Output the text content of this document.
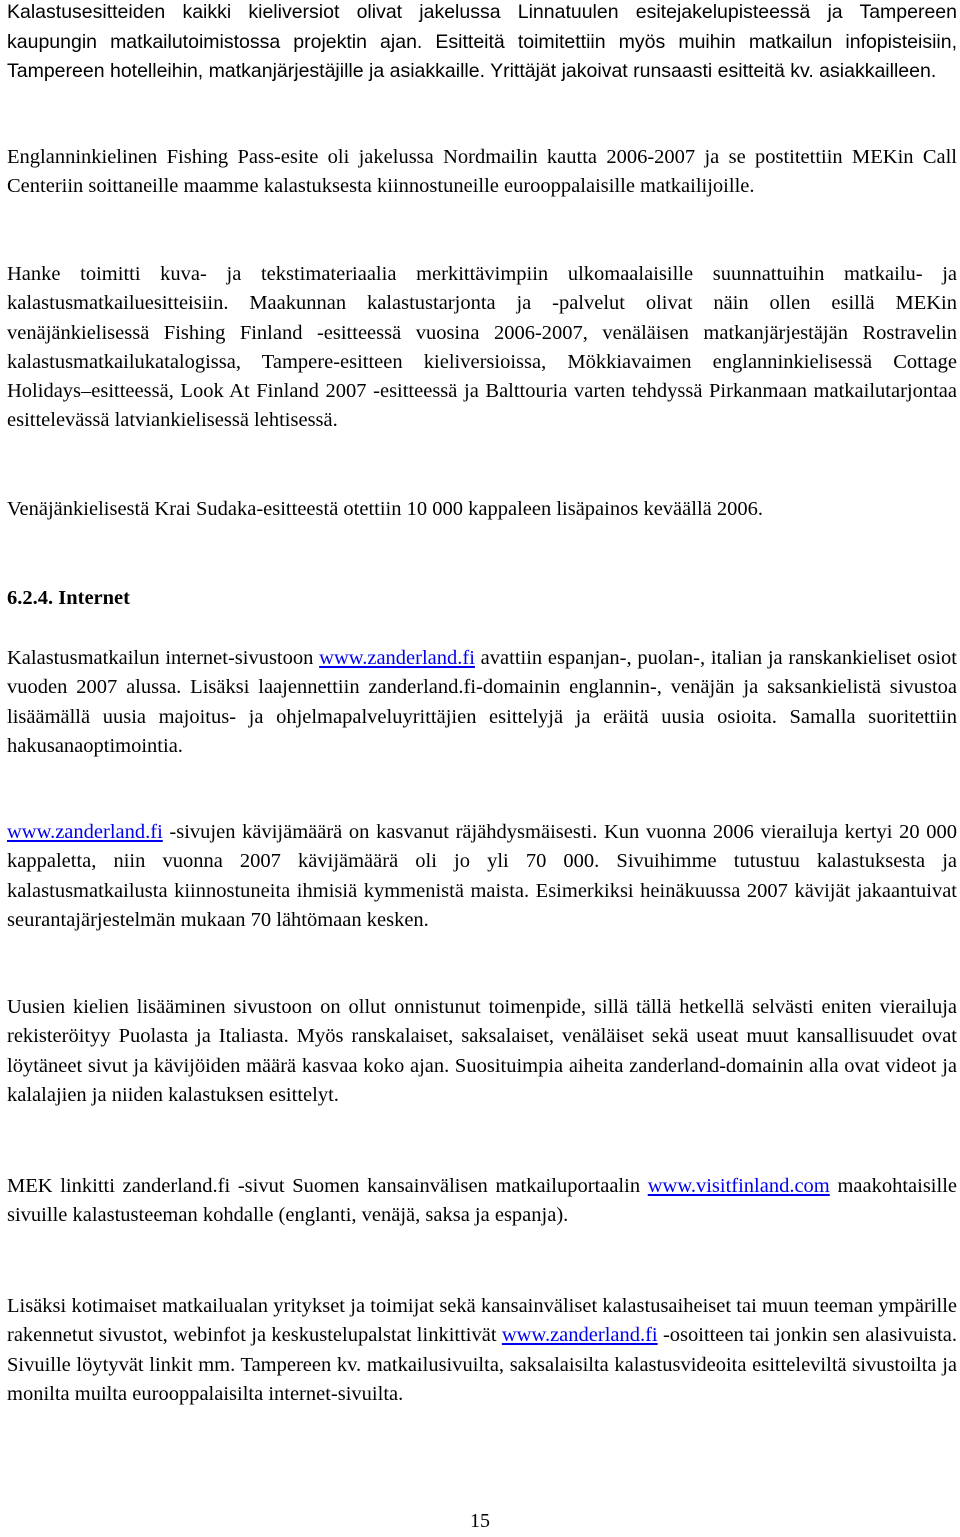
Kalastusesitteiden kaikki kieliversiot olivat jakelussa Linnatuulen esitejakelupisteessä ja Tampereen kaupungin matkailutoimistossa projektin ajan. Esitteitä toimitettiin myös muihin matkailun infopisteisiin, Tampereen hotelleihin, matkanjärjestäjille ja asiakkaille. Yrittäjät jakoivat runsaasti esitteitä kv. asiakkailleen.

Englanninkielinen Fishing Pass-esite oli jakelussa Nordmailin kautta 2006-2007 ja se postitettiin MEKin Call Centeriin soittaneille maamme kalastuksesta kiinnostuneille eurooppalaisille matkailijoille.

Hanke toimitti kuva- ja tekstimateriaalia merkittävimpiin ulkomaalaisille suunnattuihin matkailu- ja kalastusmatkailuesitteisiin. Maakunnan kalastustarjonta ja -palvelut olivat näin ollen esillä MEKin venäjänkielisessä Fishing Finland -esitteessä vuosina 2006-2007, venäläisen matkanjärjestäjän Rostravelin kalastusmatkailukatalogissa, Tampere-esitteen kieliversioissa, Mökkiavaimen englanninkielisessä Cottage Holidays–esitteessä, Look At Finland 2007 -esitteessä ja Balttouria varten tehdyssä Pirkanmaan matkailutarjontaa esittelevässä latviankielisessä lehtisessä.

Venäjänkielisestä Krai Sudaka-esitteestä otettiin 10 000 kappaleen lisäpainos keväällä 2006.

6.2.4. Internet

Kalastusmatkailun internet-sivustoon www.zanderland.fi avattiin espanjan-, puolan-, italian ja ranskankieliset osiot vuoden 2007 alussa. Lisäksi laajennettiin zanderland.fi-domainin englannin-, venäjän ja saksankielistä sivustoa lisäämällä uusia majoitus- ja ohjelmapalveluyrittäjien esittelyjä ja eräitä uusia osioita. Samalla suoritettiin hakusanaoptimointia.

www.zanderland.fi -sivujen kävijämäärä on kasvanut räjähdysmäisesti. Kun vuonna 2006 vierailuja kertyi 20 000 kappaletta, niin vuonna 2007 kävijämäärä oli jo yli 70 000. Sivuihimme tutustuu kalastuksesta ja kalastusmatkailusta kiinnostuneita ihmisiä kymmenistä maista. Esimerkiksi heinäkuussa 2007 kävijät jakaantuivat seurantajärjestelmän mukaan 70 lähtömaan kesken.

Uusien kielien lisääminen sivustoon on ollut onnistunut toimenpide, sillä tällä hetkellä selvästi eniten vierailuja rekisteröityy Puolasta ja Italiasta. Myös ranskalaiset, saksalaiset, venäläiset sekä useat muut kansallisuudet ovat löytäneet sivut ja kävijöiden määrä kasvaa koko ajan. Suosituimpia aiheita zanderland-domainin alla ovat videot ja kalalajien ja niiden kalastuksen esittelyt.

MEK linkitti zanderland.fi -sivut Suomen kansainvälisen matkailuportaalin www.visitfinland.com maakohtaisille sivuille kalastusteeman kohdalle (englanti, venäjä, saksa ja espanja).

Lisäksi kotimaiset matkailualan yritykset ja toimijat sekä kansainväliset kalastusaiheiset tai muun teeman ympärille rakennetut sivustot, webinfot ja keskustelupalstat linkittivät www.zanderland.fi -osoitteen tai jonkin sen alasivuista. Sivuille löytyvät linkit mm. Tampereen kv. matkailusivuilta, saksalaisilta kalastusvideoita esitteleviltä sivustoilta ja monilta muilta eurooppalaisilta internet-sivuilta.

15
